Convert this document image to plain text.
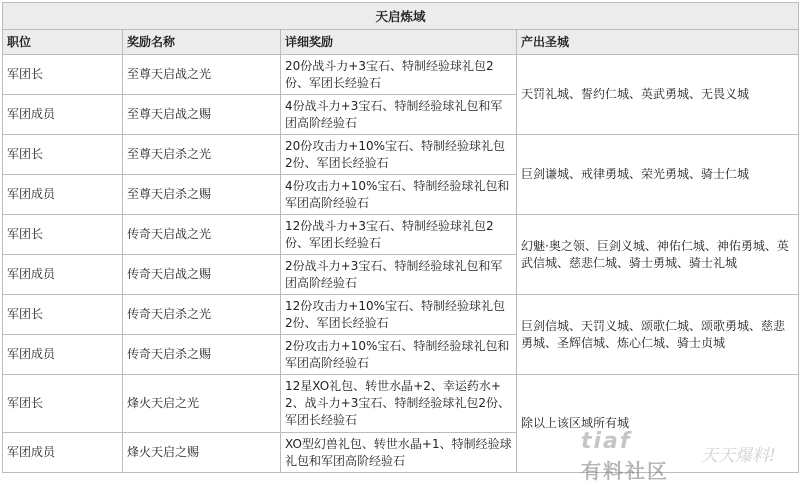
天启炼域			
职位	奖励名称	详细奖励	产出圣城
军团长	至尊天启战之光	20份战斗力+3宝石、特制经验球礼包2份、军团长经验石	天罚礼城、誓约仁城、英武勇城、无畏义城
军团成员	至尊天启战之赐	4份战斗力+3宝石、特制经验球礼包和军团高阶经验石	
军团长	至尊天启杀之光	20份攻击力+10%宝石、特制经验球礼包2份、军团长经验石	巨剑谦城、戒律勇城、荣光勇城、骑士仁城
军团成员	至尊天启杀之赐	4份攻击力+10%宝石、特制经验球礼包和军团高阶经验石	
军团长	传奇天启战之光	12份战斗力+3宝石、特制经验球礼包2份、军团长经验石	幻魅·奥之领、巨剑义城、神佑仁城、神佑勇城、英武信城、慈悲仁城、骑士勇城、骑士礼城
军团成员	传奇天启战之赐	2份战斗力+3宝石、特制经验球礼包和军团高阶经验石	
军团长	传奇天启杀之光	12份攻击力+10%宝石、特制经验球礼包2份、军团长经验石	巨剑信城、天罚义城、颂歌仁城、颂歌勇城、慈悲勇城、圣辉信城、炼心仁城、骑士贞城
军团成员	传奇天启杀之赐	2份攻击力+10%宝石、特制经验球礼包和军团高阶经验石	
军团长	烽火天启之光	12星XO礼包、转世水晶+2、幸运药水+2、战斗力+3宝石、特制经验球礼包2份、军团长经验石	除以上该区域所有城
军团成员	烽火天启之赐	XO型幻兽礼包、转世水晶+1、特制经验球礼包和军团高阶经验石	
tiaf
有料社区
天天爆料!
